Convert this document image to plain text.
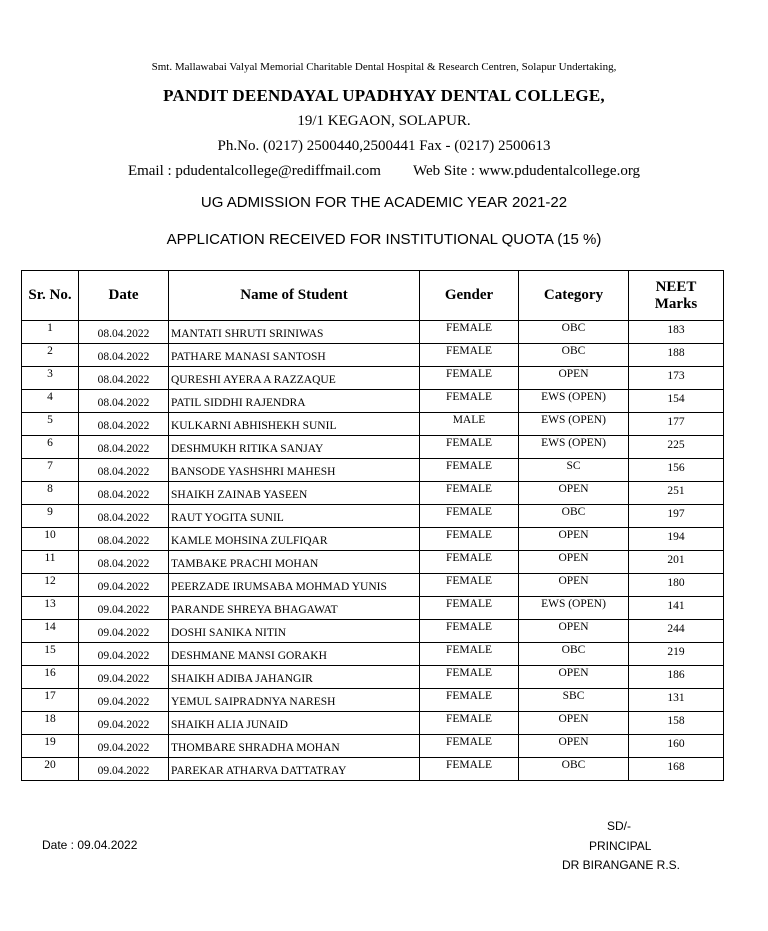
Smt. Mallawabai Valyal Memorial Charitable Dental Hospital & Research Centren, Solapur Undertaking,
PANDIT DEENDAYAL UPADHYAY DENTAL COLLEGE,
19/1 KEGAON, SOLAPUR.
Ph.No. (0217) 2500440,2500441 Fax - (0217) 2500613
Email : pdudentalcollege@rediffmail.com Web Site : www.pdudentalcollege.org
UG ADMISSION FOR THE ACADEMIC YEAR 2021-22
APPLICATION RECEIVED FOR INSTITUTIONAL QUOTA (15 %)
Sr. No.	Date	Name of Student	Gender	Category	NEET Marks
1	08.04.2022	MANTATI SHRUTI SRINIWAS	FEMALE	OBC	183
2	08.04.2022	PATHARE MANASI SANTOSH	FEMALE	OBC	188
3	08.04.2022	QURESHI AYERA A RAZZAQUE	FEMALE	OPEN	173
4	08.04.2022	PATIL SIDDHI RAJENDRA	FEMALE	EWS (OPEN)	154
5	08.04.2022	KULKARNI ABHISHEKH SUNIL	MALE	EWS (OPEN)	177
6	08.04.2022	DESHMUKH RITIKA SANJAY	FEMALE	EWS (OPEN)	225
7	08.04.2022	BANSODE YASHSHRI MAHESH	FEMALE	SC	156
8	08.04.2022	SHAIKH ZAINAB YASEEN	FEMALE	OPEN	251
9	08.04.2022	RAUT YOGITA SUNIL	FEMALE	OBC	197
10	08.04.2022	KAMLE MOHSINA ZULFIQAR	FEMALE	OPEN	194
11	08.04.2022	TAMBAKE PRACHI MOHAN	FEMALE	OPEN	201
12	09.04.2022	PEERZADE IRUMSABA MOHMAD YUNIS	FEMALE	OPEN	180
13	09.04.2022	PARANDE SHREYA BHAGAWAT	FEMALE	EWS (OPEN)	141
14	09.04.2022	DOSHI SANIKA NITIN	FEMALE	OPEN	244
15	09.04.2022	DESHMANE MANSI GORAKH	FEMALE	OBC	219
16	09.04.2022	SHAIKH ADIBA JAHANGIR	FEMALE	OPEN	186
17	09.04.2022	YEMUL SAIPRADNYA NARESH	FEMALE	SBC	131
18	09.04.2022	SHAIKH ALIA JUNAID	FEMALE	OPEN	158
19	09.04.2022	THOMBARE SHRADHA MOHAN	FEMALE	OPEN	160
20	09.04.2022	PAREKAR ATHARVA DATTATRAY	FEMALE	OBC	168
SD/-
Date : 09.04.2022	PRINCIPAL
DR BIRANGANE R.S.
